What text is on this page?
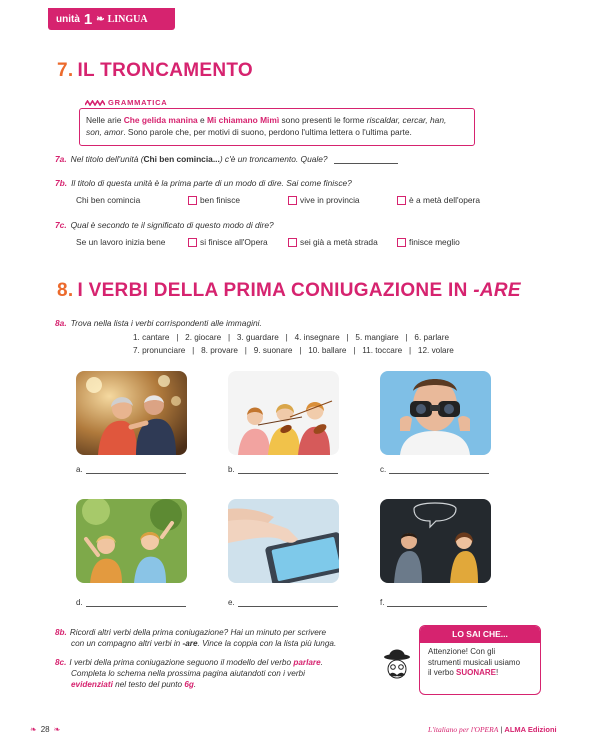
unità 1 ❧ LINGUA
7. IL TRONCAMENTO
GRAMMATICA
Nelle arie Che gelida manina e Mi chiamano Mimì sono presenti le forme riscaldar, cercar, han,
son, amor. Sono parole che, per motivi di suono, perdono l'ultima lettera o l'ultima parte.
7a. Nel titolo dell'unità (Chi ben comincia...) c'è un troncamento. Quale?
7b. Il titolo di questa unità è la prima parte di un modo di dire. Sai come finisce?
Chi ben comincia	ben finisce	vive in provincia	è a metà dell'opera
7c. Qual è secondo te il significato di questo modo di dire?
Se un lavoro inizia bene	si finisce all'Opera	sei già a metà strada	finisce meglio
8. I VERBI DELLA PRIMA CONIUGAZIONE IN -ARE
8a. Trova nella lista i verbi corrispondenti alle immagini.
1. cantare   |   2. giocare   |   3. guardare   |   4. insegnare   |   5. mangiare   |   6. parlare
7. pronunciare   |   8. provare   |   9. suonare   |   10. ballare   |   11. toccare   |   12. volare
a.	b.	c.
d.	e.	f.
8b. Ricordi altri verbi della prima coniugazione? Hai un minuto per scrivere
con un compagno altri verbi in -are. Vince la coppia con la lista più lunga.
8c. I verbi della prima coniugazione seguono il modello del verbo parlare.
Completa lo schema nella prossima pagina aiutandoti con i verbi
evidenziati nel testo del punto 6g.
LO SAI CHE...
Attenzione! Con gli
strumenti musicali usiamo
il verbo SUONARE!
❧ 28 ❧	L'italiano per l'OPERA | ALMA Edizioni
